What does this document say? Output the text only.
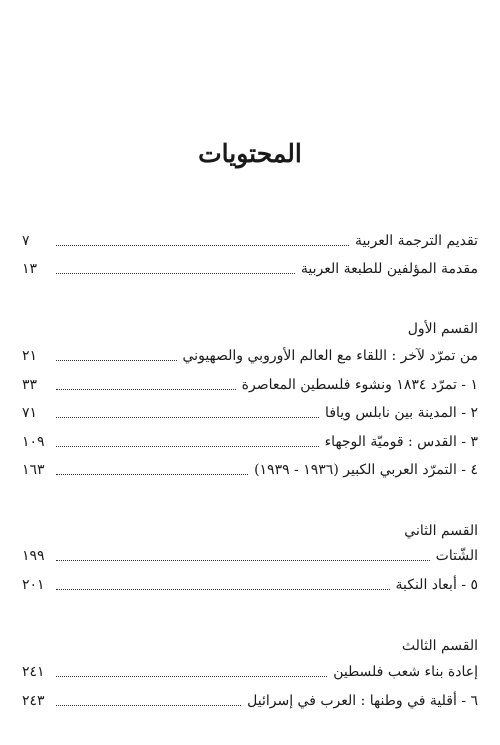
المحتويات
تقديم الترجمة العربية
٧
مقدمة المؤلفين للطبعة العربية
١٣
القسم الأول
من تمرّد لآخر : اللقاء مع العالم الأوروبي والصهيوني
٢١
١ - تمرّد ١٨٣٤ ونشوء فلسطين المعاصرة
٣٣
٢ - المدينة بين نابلس ويافا
٧١
٣ - القدس : قوميّة الوجهاء
١٠٩
٤ - التمرّد العربي الكبير (١٩٣٦ - ١٩٣٩)
١٦٣
القسم الثاني
الشّتات
١٩٩
٥ - أبعاد النكبة
٢٠١
القسم الثالث
إعادة بناء شعب فلسطين
٢٤١
٦ - أقلية في وطنها : العرب في إسرائيل
٢٤٣
